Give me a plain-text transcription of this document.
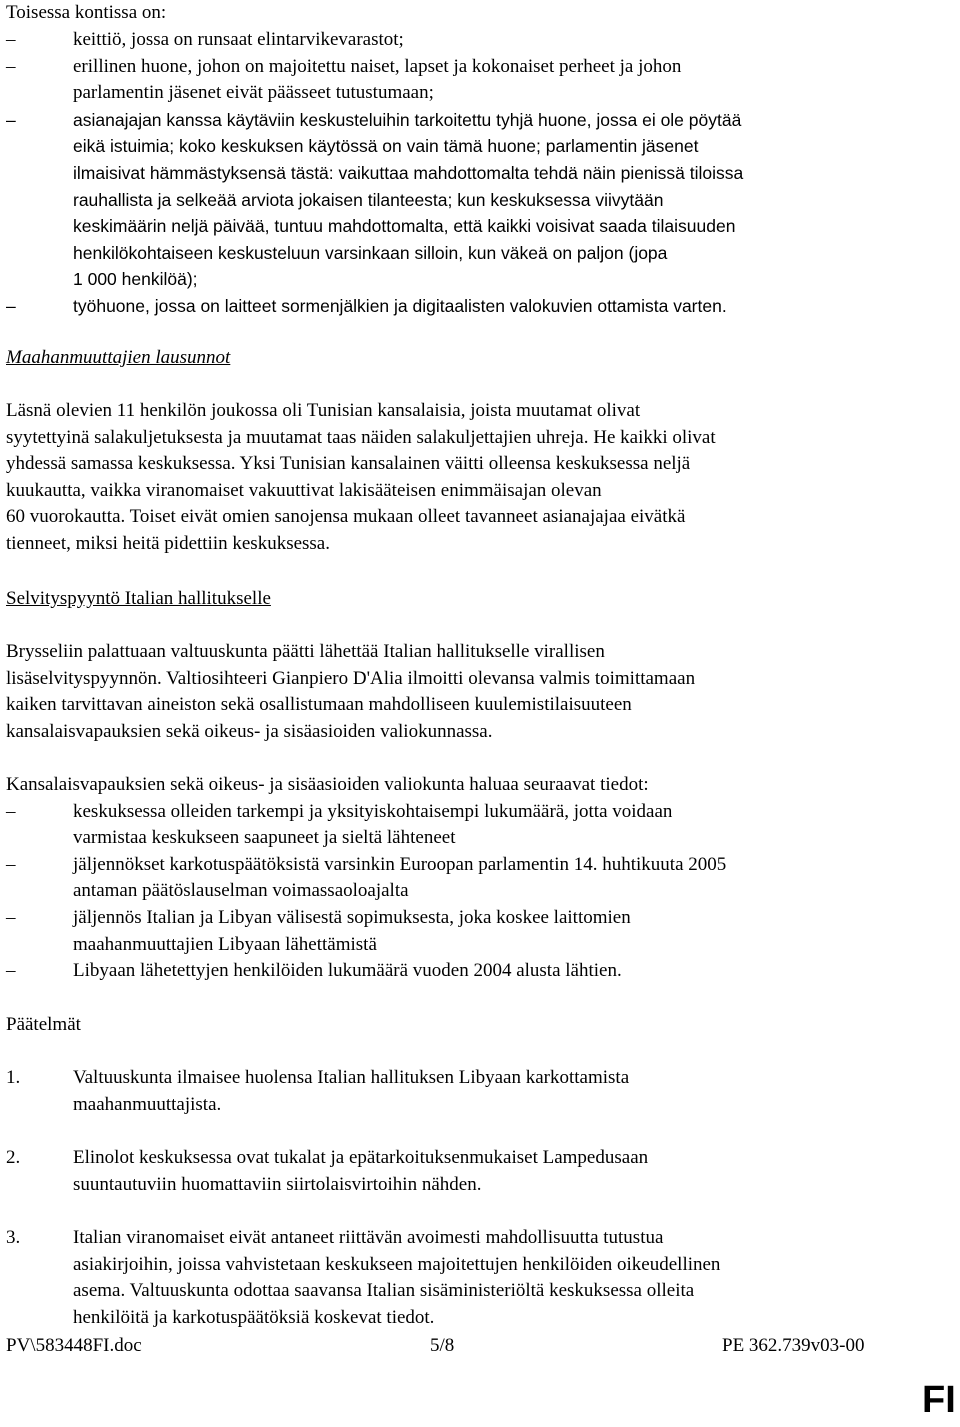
Toisessa kontissa on:

–	keittiö, jossa on runsaat elintarvikevarastot;

–	erillinen huone, johon on majoitettu naiset, lapset ja kokonaiset perheet ja johon

parlamentin jäsenet eivät päässeet tutustumaan;

–	asianajajan kanssa käytäviin keskusteluihin tarkoitettu tyhjä huone, jossa ei ole pöytää

eikä istuimia; koko keskuksen käytössä on vain tämä huone; parlamentin jäsenet

ilmaisivat hämmästyksensä tästä: vaikuttaa mahdottomalta tehdä näin pienissä tiloissa

rauhallista ja selkeää arviota jokaisen tilanteesta; kun keskuksessa viivytään

keskimäärin neljä päivää, tuntuu mahdottomalta, että kaikki voisivat saada tilaisuuden

henkilökohtaiseen keskusteluun varsinkaan silloin, kun väkeä on paljon (jopa

1 000 henkilöä);

–	työhuone, jossa on laitteet sormenjälkien ja digitaalisten valokuvien ottamista varten.

Maahanmuuttajien lausunnot

Läsnä olevien 11 henkilön joukossa oli Tunisian kansalaisia, joista muutamat olivat

syytettyinä salakuljetuksesta ja muutamat taas näiden salakuljettajien uhreja. He kaikki olivat

yhdessä samassa keskuksessa. Yksi Tunisian kansalainen väitti olleensa keskuksessa neljä

kuukautta, vaikka viranomaiset vakuuttivat lakisääteisen enimmäisajan olevan

60 vuorokautta. Toiset eivät omien sanojensa mukaan olleet tavanneet asianajajaa eivätkä

tienneet, miksi heitä pidettiin keskuksessa.

Selvityspyyntö Italian hallitukselle

Brysseliin palattuaan valtuuskunta päätti lähettää Italian hallitukselle virallisen

lisäselvityspyynnön. Valtiosihteeri Gianpiero D'Alia ilmoitti olevansa valmis toimittamaan

kaiken tarvittavan aineiston sekä osallistumaan mahdolliseen kuulemistilaisuuteen

kansalaisvapauksien sekä oikeus- ja sisäasioiden valiokunnassa.

Kansalaisvapauksien sekä oikeus- ja sisäasioiden valiokunta haluaa seuraavat tiedot:

–	keskuksessa olleiden tarkempi ja yksityiskohtaisempi lukumäärä, jotta voidaan

varmistaa keskukseen saapuneet ja sieltä lähteneet

–	jäljennökset karkotuspäätöksistä varsinkin Euroopan parlamentin 14. huhtikuuta 2005

antaman päätöslauselman voimassaoloajalta

–	jäljennös Italian ja Libyan välisestä sopimuksesta, joka koskee laittomien

maahanmuuttajien Libyaan lähettämistä

–	Libyaan lähetettyjen henkilöiden lukumäärä vuoden 2004 alusta lähtien.

Päätelmät

1.	Valtuuskunta ilmaisee huolensa Italian hallituksen Libyaan karkottamista

maahanmuuttajista.

2.	Elinolot keskuksessa ovat tukalat ja epätarkoituksenmukaiset Lampedusaan

suuntautuviin huomattaviin siirtolaisvirtoihin nähden.

3.	Italian viranomaiset eivät antaneet riittävän avoimesti mahdollisuutta tutustua

asiakirjoihin, joissa vahvistetaan keskukseen majoitettujen henkilöiden oikeudellinen

asema. Valtuuskunta odottaa saavansa Italian sisäministeriöltä keskuksessa olleita

henkilöitä ja karkotuspäätöksiä koskevat tiedot.

PV\583448FI.doc	5/8	PE 362.739v03-00
FI
